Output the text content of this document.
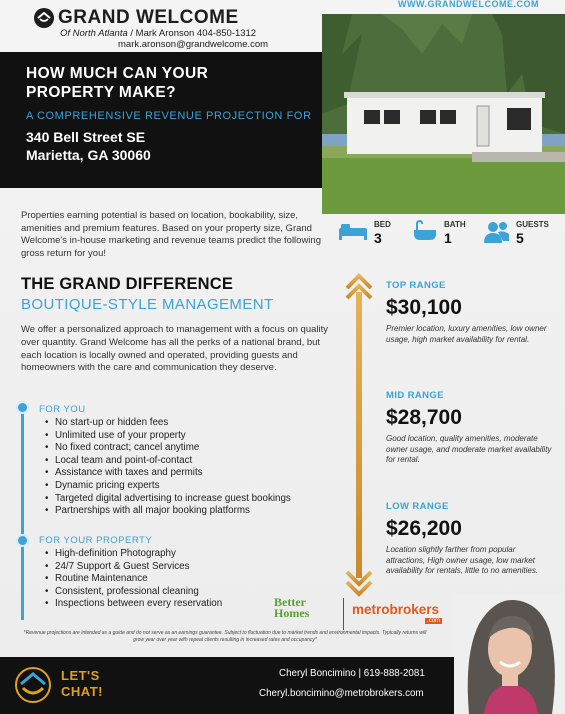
GRAND WELCOME
Of North Atlanta / Mark Aronson 404-850-1312
mark.aronson@grandwelcome.com
WWW.GRANDWELCOME.COM
HOW MUCH CAN YOUR
PROPERTY MAKE?
A COMPREHENSIVE REVENUE PROJECTION FOR
340 Bell Street SE
Marietta, GA 30060
BED
3
BATH
1
GUESTS
5
Properties earning potential is based on location, bookability, size, amenities and premium features. Based on your property size, Grand Welcome's in-house marketing and revenue teams predict the following gross return for you!
THE GRAND DIFFERENCE
BOUTIQUE-STYLE MANAGEMENT
We offer a personalized approach to management with a focus on quality over quantity. Grand Welcome has all the perks of a national brand, but each location is locally owned and operated, providing guests and homeowners with the care and communication they deserve.
FOR YOU
• No start-up or hidden fees
• Unlimited use of your property
• No fixed contract; cancel anytime
• Local team and point-of-contact
• Assistance with taxes and permits
• Dynamic pricing experts
• Targeted digital advertising to increase guest bookings
• Partnerships with all major booking platforms
FOR YOUR PROPERTY
• High-definition Photography
• 24/7 Support & Guest Services
• Routine Maintenance
• Consistent, professional cleaning
• Inspections between every reservation
TOP RANGE
$30,100
Premier location, luxury amenities, low owner usage, high market availability for rental.
MID RANGE
$28,700
Good location, quality amenities, moderate owner usage, and moderate market availability for rental.
LOW RANGE
$26,200
Location slightly farther from popular attractions, High owner usage, low market availability for rentals, little to no amenities.
Better
Homes	metrobrokers
.com
*Revenue projections are intended as a guide and do not serve as an earnings guarantee. Subject to fluctuation due to market trends and environmental impacts. Typically returns will grow year over year with repeat clients resulting in increased rates and occupancy*
LET'S
CHAT!
Cheryl Boncimino | 619-888-2081
Cheryl.boncimino@metrobrokers.com
